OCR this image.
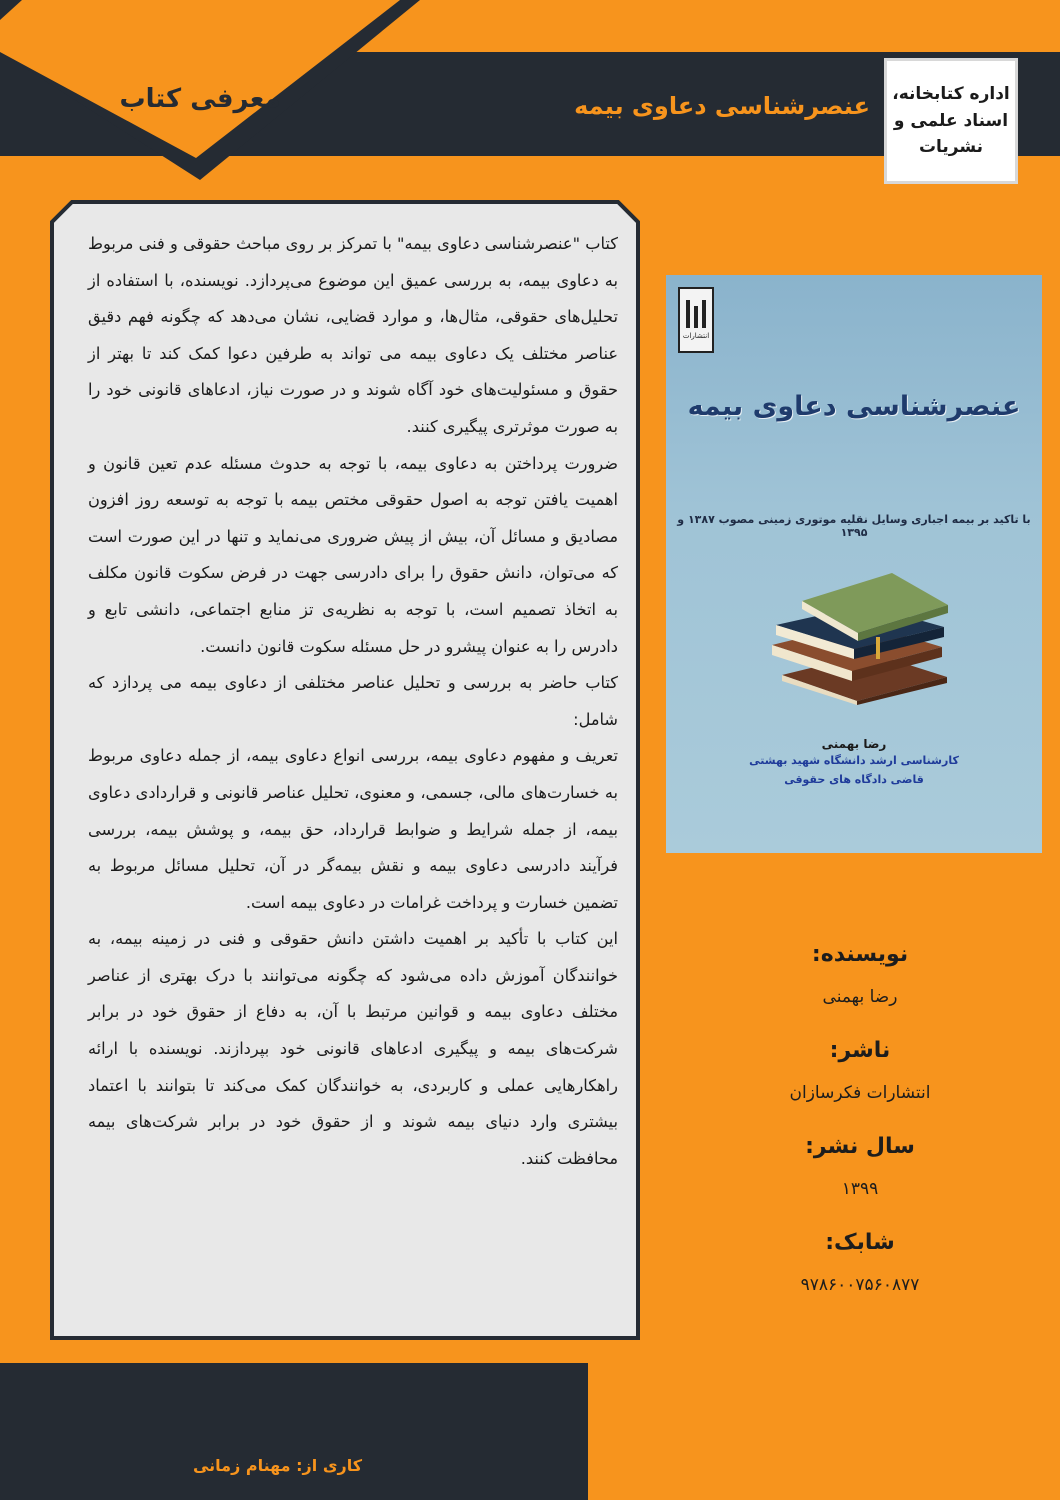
معرفی کتاب	عنصرشناسی دعاوی بیمه اداره کتابخانه،
اسناد علمی و
نشریات

کتاب "عنصرشناسی دعاوی بیمه" با تمرکز بر روی مباحث حقوقی و فنی مربوط به دعاوی بیمه، به بررسی عمیق این موضوع می‌پردازد. نویسنده، با استفاده از تحلیل‌های حقوقی، مثال‌ها، و موارد قضایی، نشان می‌دهد که چگونه فهم دقیق عناصر مختلف یک دعاوی بیمه می تواند به طرفین دعوا کمک کند تا بهتر از حقوق و مسئولیت‌های خود آگاه شوند و در صورت نیاز، ادعاهای قانونی خود را به صورت موثرتری پیگیری کنند.

ضرورت پرداختن به دعاوی بیمه، با توجه به حدوث مسئله عدم تعین قانون و اهمیت یافتن توجه به اصول حقوقی مختص بیمه با توجه به توسعه روز افزون مصادیق و مسائل آن، بیش از پیش ضروری می‌نماید و تنها در این صورت است که می‌توان، دانش حقوق را برای دادرسی جهت در فرض سکوت قانون مکلف به اتخاذ تصمیم است، با توجه به نظریه‌ی تز منابع اجتماعی، دانشی تابع و دادرس را به عنوان پیشرو در حل مسئله سکوت قانون دانست.

کتاب حاضر به بررسی و تحلیل عناصر مختلفی از دعاوی بیمه می پردازد که شامل:

تعریف و مفهوم دعاوی بیمه، بررسی انواع دعاوی بیمه، از جمله دعاوی مربوط به خسارت‌های مالی، جسمی، و معنوی، تحلیل عناصر قانونی و قراردادی دعاوی بیمه، از جمله شرایط و ضوابط قرارداد، حق بیمه، و پوشش بیمه، بررسی فرآیند دادرسی دعاوی بیمه و نقش بیمه‌گر در آن، تحلیل مسائل مربوط به تضمین خسارت و پرداخت غرامات در دعاوی بیمه است.

این کتاب با تأکید بر اهمیت داشتن دانش حقوقی و فنی در زمینه بیمه، به خوانندگان آموزش داده می‌شود که چگونه می‌توانند با درک بهتری از عناصر مختلف دعاوی بیمه و قوانین مرتبط با آن، به دفاع از حقوق خود در برابر شرکت‌های بیمه و پیگیری ادعاهای قانونی خود بپردازند. نویسنده با ارائه راهکارهایی عملی و کاربردی، به خوانندگان کمک می‌کند تا بتوانند با اعتماد بیشتری وارد دنیای بیمه شوند و از حقوق خود در برابر شرکت‌های بیمه محافظت کنند.

انتشارات
عنصرشناسی دعاوی بیمه
با تاکید بر بیمه اجباری وسایل نقلیه موتوری زمینی مصوب ۱۳۸۷ و ۱۳۹۵
رضا بهمنی
کارشناسی ارشد دانشگاه شهید بهشتی
قاضی دادگاه های حقوقی
نویسنده:
رضا بهمنی
ناشر:
انتشارات فکرسازان
سال نشر:
۱۳۹۹
شابک:
۹۷۸۶۰۰۷۵۶۰۸۷۷
کاری از: مهنام زمانی
